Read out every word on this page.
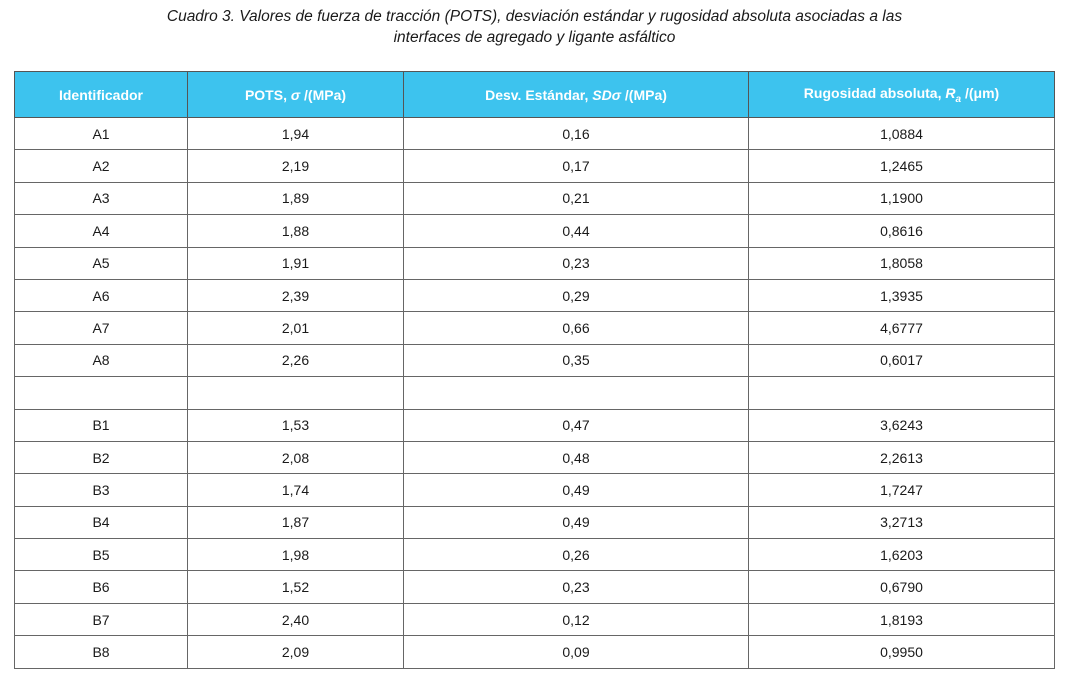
Cuadro 3. Valores de fuerza de tracción (POTS), desviación estándar y rugosidad absoluta asociadas a las
interfaces de agregado y ligante asfáltico
Identificador	POTS, σ /(MPa)	Desv. Estándar, SDσ /(MPa)	Rugosidad absoluta, $R_a$ /(μm)
A1	1,94	0,16	1,0884
A2	2,19	0,17	1,2465
A3	1,89	0,21	1,1900
A4	1,88	0,44	0,8616
A5	1,91	0,23	1,8058
A6	2,39	0,29	1,3935
A7	2,01	0,66	4,6777
A8	2,26	0,35	0,6017

B1	1,53	0,47	3,6243
B2	2,08	0,48	2,2613
B3	1,74	0,49	1,7247
B4	1,87	0,49	3,2713
B5	1,98	0,26	1,6203
B6	1,52	0,23	0,6790
B7	2,40	0,12	1,8193
B8	2,09	0,09	0,9950
